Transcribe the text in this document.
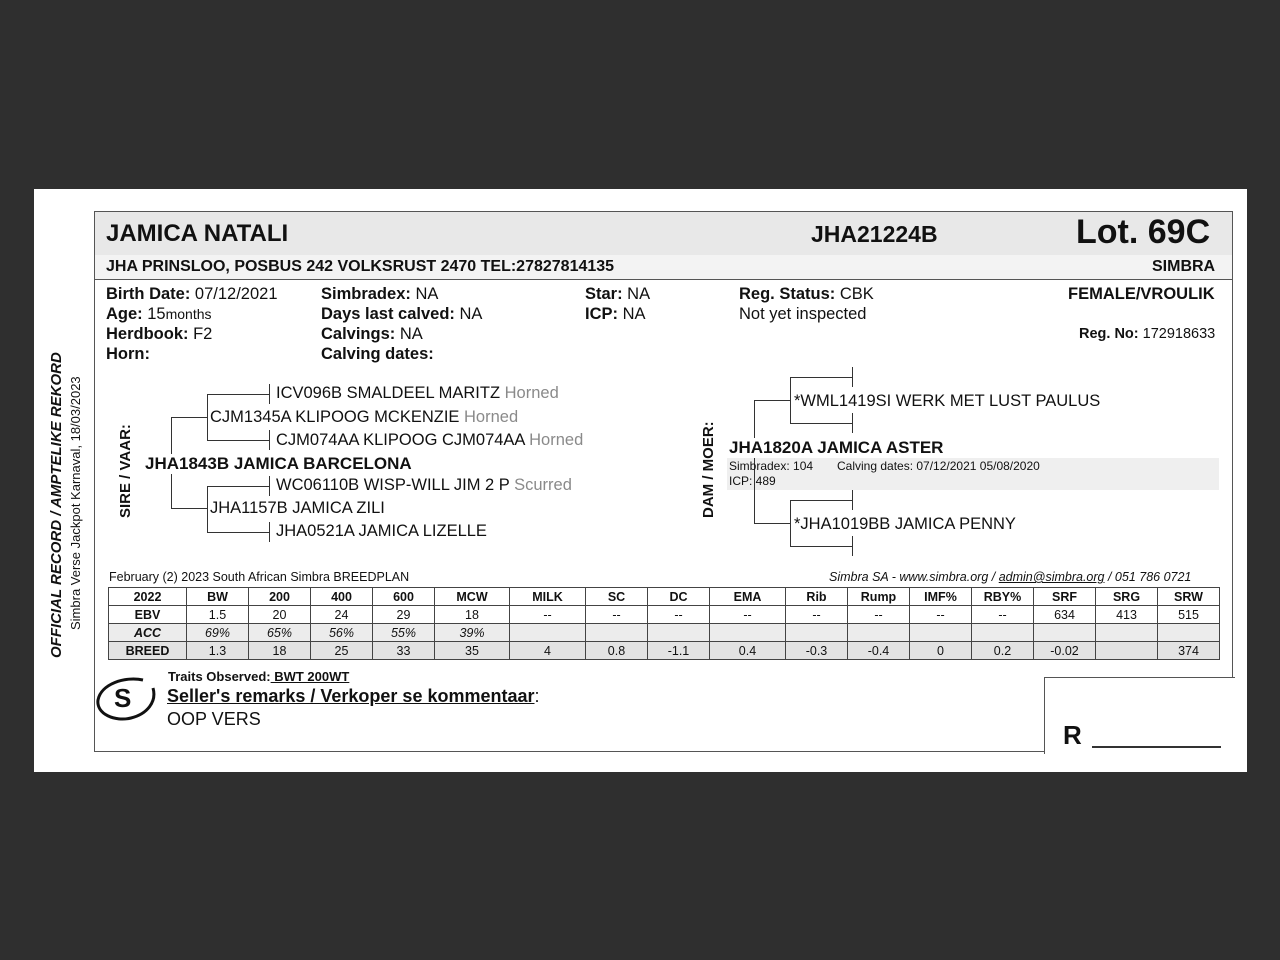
OFFICIAL RECORD / AMPTELIKE REKORD Simbra Verse Jackpot Karnaval, 18/03/2023
JAMICA NATALI	JHA21224B	Lot. 69C
JHA PRINSLOO, POSBUS 242 VOLKSRUST 2470 TEL:27827814135	SIMBRA
Birth Date: 07/12/2021
Age: 15months
Herdbook: F2
Horn:
Simbradex: NA
Days last calved: NA
Calvings: NA
Calving dates:
Star: NA
ICP: NA
Reg. Status: CBK
Not yet inspected
FEMALE/VROULIK
Reg. No: 172918633
SIRE / VAAR:
ICV096B SMALDEEL MARITZ Horned
CJM1345A KLIPOOG MCKENZIE Horned
CJM074AA KLIPOOG CJM074AA Horned
JHA1843B JAMICA BARCELONA
WC06110B WISP-WILL JIM 2 P Scurred
JHA1157B JAMICA ZILI
JHA0521A JAMICA LIZELLE
DAM / MOER:
*WML1419SI WERK MET LUST PAULUS
JHA1820A JAMICA ASTER
Simbradex: 104 Calving dates: 07/12/2021 05/08/2020
ICP: 489
*JHA1019BB JAMICA PENNY
February (2) 2023 South African Simbra BREEDPLAN	Simbra SA - www.simbra.org / admin@simbra.org / 051 786 0721
2022	BW	200	400	600	MCW	MILK	SC	DC	EMA	Rib	Rump	IMF%	RBY%	SRF	SRG	SRW
EBV	1.5	20	24	29	18	--	--	--	--	--	--	--	--	634	413	515
ACC	69%	65%	56%	55%	39%											
BREED	1.3	18	25	33	35	4	0.8	-1.1	0.4	-0.3	-0.4	0	0.2	-0.02		374
S
Traits Observed: BWT 200WT
Seller's remarks / Verkoper se kommentaar:
OOP VERS
R
